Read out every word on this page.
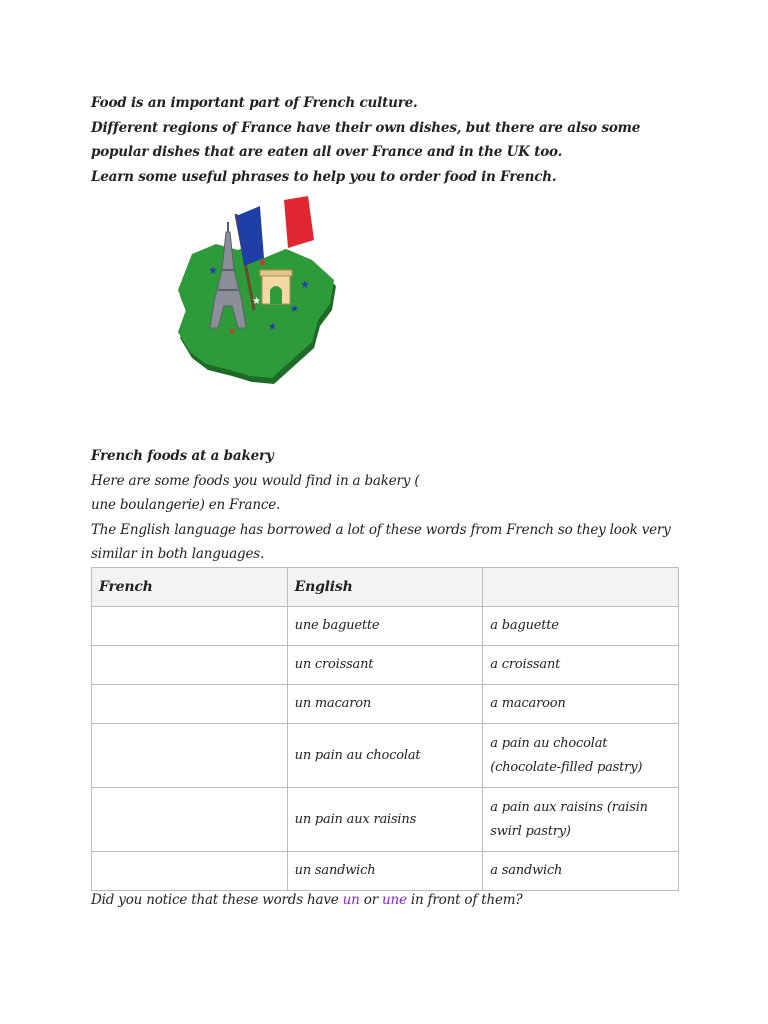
Food is an important part of French culture.

Different regions of France have their own dishes, but there are also some popular dishes that are eaten all over France and in the UK too.

Learn some useful phrases to help you to order food in French.

★
★
★
★
★
★
★

French foods at a bakery

Here are some foods you would find in a bakery (

une boulangerie) en France.

The English language has borrowed a lot of these words from French so they look very similar in both languages.

French	English	
	une baguette	a baguette
	un croissant	a croissant
	un macaron	a macaroon
	un pain au chocolat	a pain au chocolat (chocolate-filled pastry)
	un pain aux raisins	a pain aux raisins (raisin swirl pastry)
	un sandwich	a sandwich
Did you notice that these words have un or une in front of them?
